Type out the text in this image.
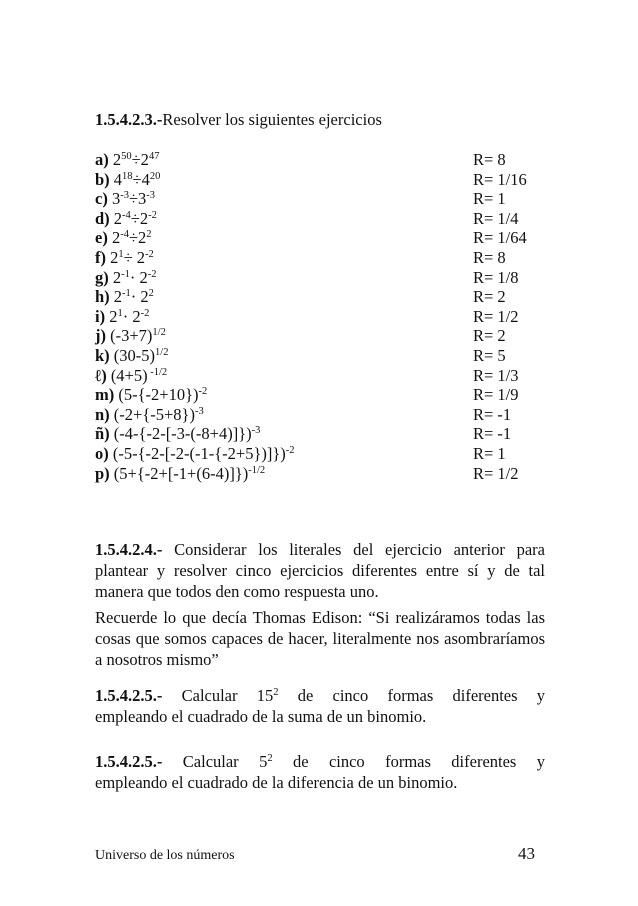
1.5.4.2.3.-Resolver los siguientes ejercicios
a) $2^{50}\div 2^{47}$	R= 8
b) $4^{18}\div 4^{20}$	R= 1/16
c) $3^{-3}\div 3^{-3}$	R= 1
d) $2^{-4}\div 2^{-2}$	R= 1/4
e) $2^{-4}\div 2^2$	R= 1/64
f) $2^1\div 2^{-2}$	R= 8
g) $2^{-1}\cdot 2^{-2}$	R= 1/8
h) $2^{-1}\cdot 2^2$	R= 2
i) $2^1\cdot 2^{-2}$	R= 1/2
j) $(-3+7)^{1/2}$	R= 2
k) $(30-5)^{1/2}$	R= 5
ℓ) (4+5) $^{-1/2}$	R= 1/3
m) $(5-\{-2+10\})^{-2}$	R= 1/9
n) $(-2+\{-5+8\})^{-3}$	R= -1
ñ) $(-4-\{-2-[-3-(-8+4)]\})^{-3}$	R= -1
o) $(-5-\{-2-[-2-(-1-\{-2+5\})]\})^{-2}$	R= 1
p) $(5+\{-2+[-1+(6-4)]\})^{-1/2}$	R= 1/2
1.5.4.2.4.- Considerar los literales del ejercicio anterior para plantear y resolver cinco ejercicios diferentes entre sí y de tal manera que todos den como respuesta uno.
Recuerde lo que decía Thomas Edison: “Si realizáramos todas las cosas que somos capaces de hacer, literalmente nos asombraríamos a nosotros mismo”
1.5.4.2.5.- Calcular $15^2$ de cinco formas diferentes y
empleando el cuadrado de la suma de un binomio.
1.5.4.2.5.- Calcular $5^2$ de cinco formas diferentes y
empleando el cuadrado de la diferencia de un binomio.
Universo de los números	43
